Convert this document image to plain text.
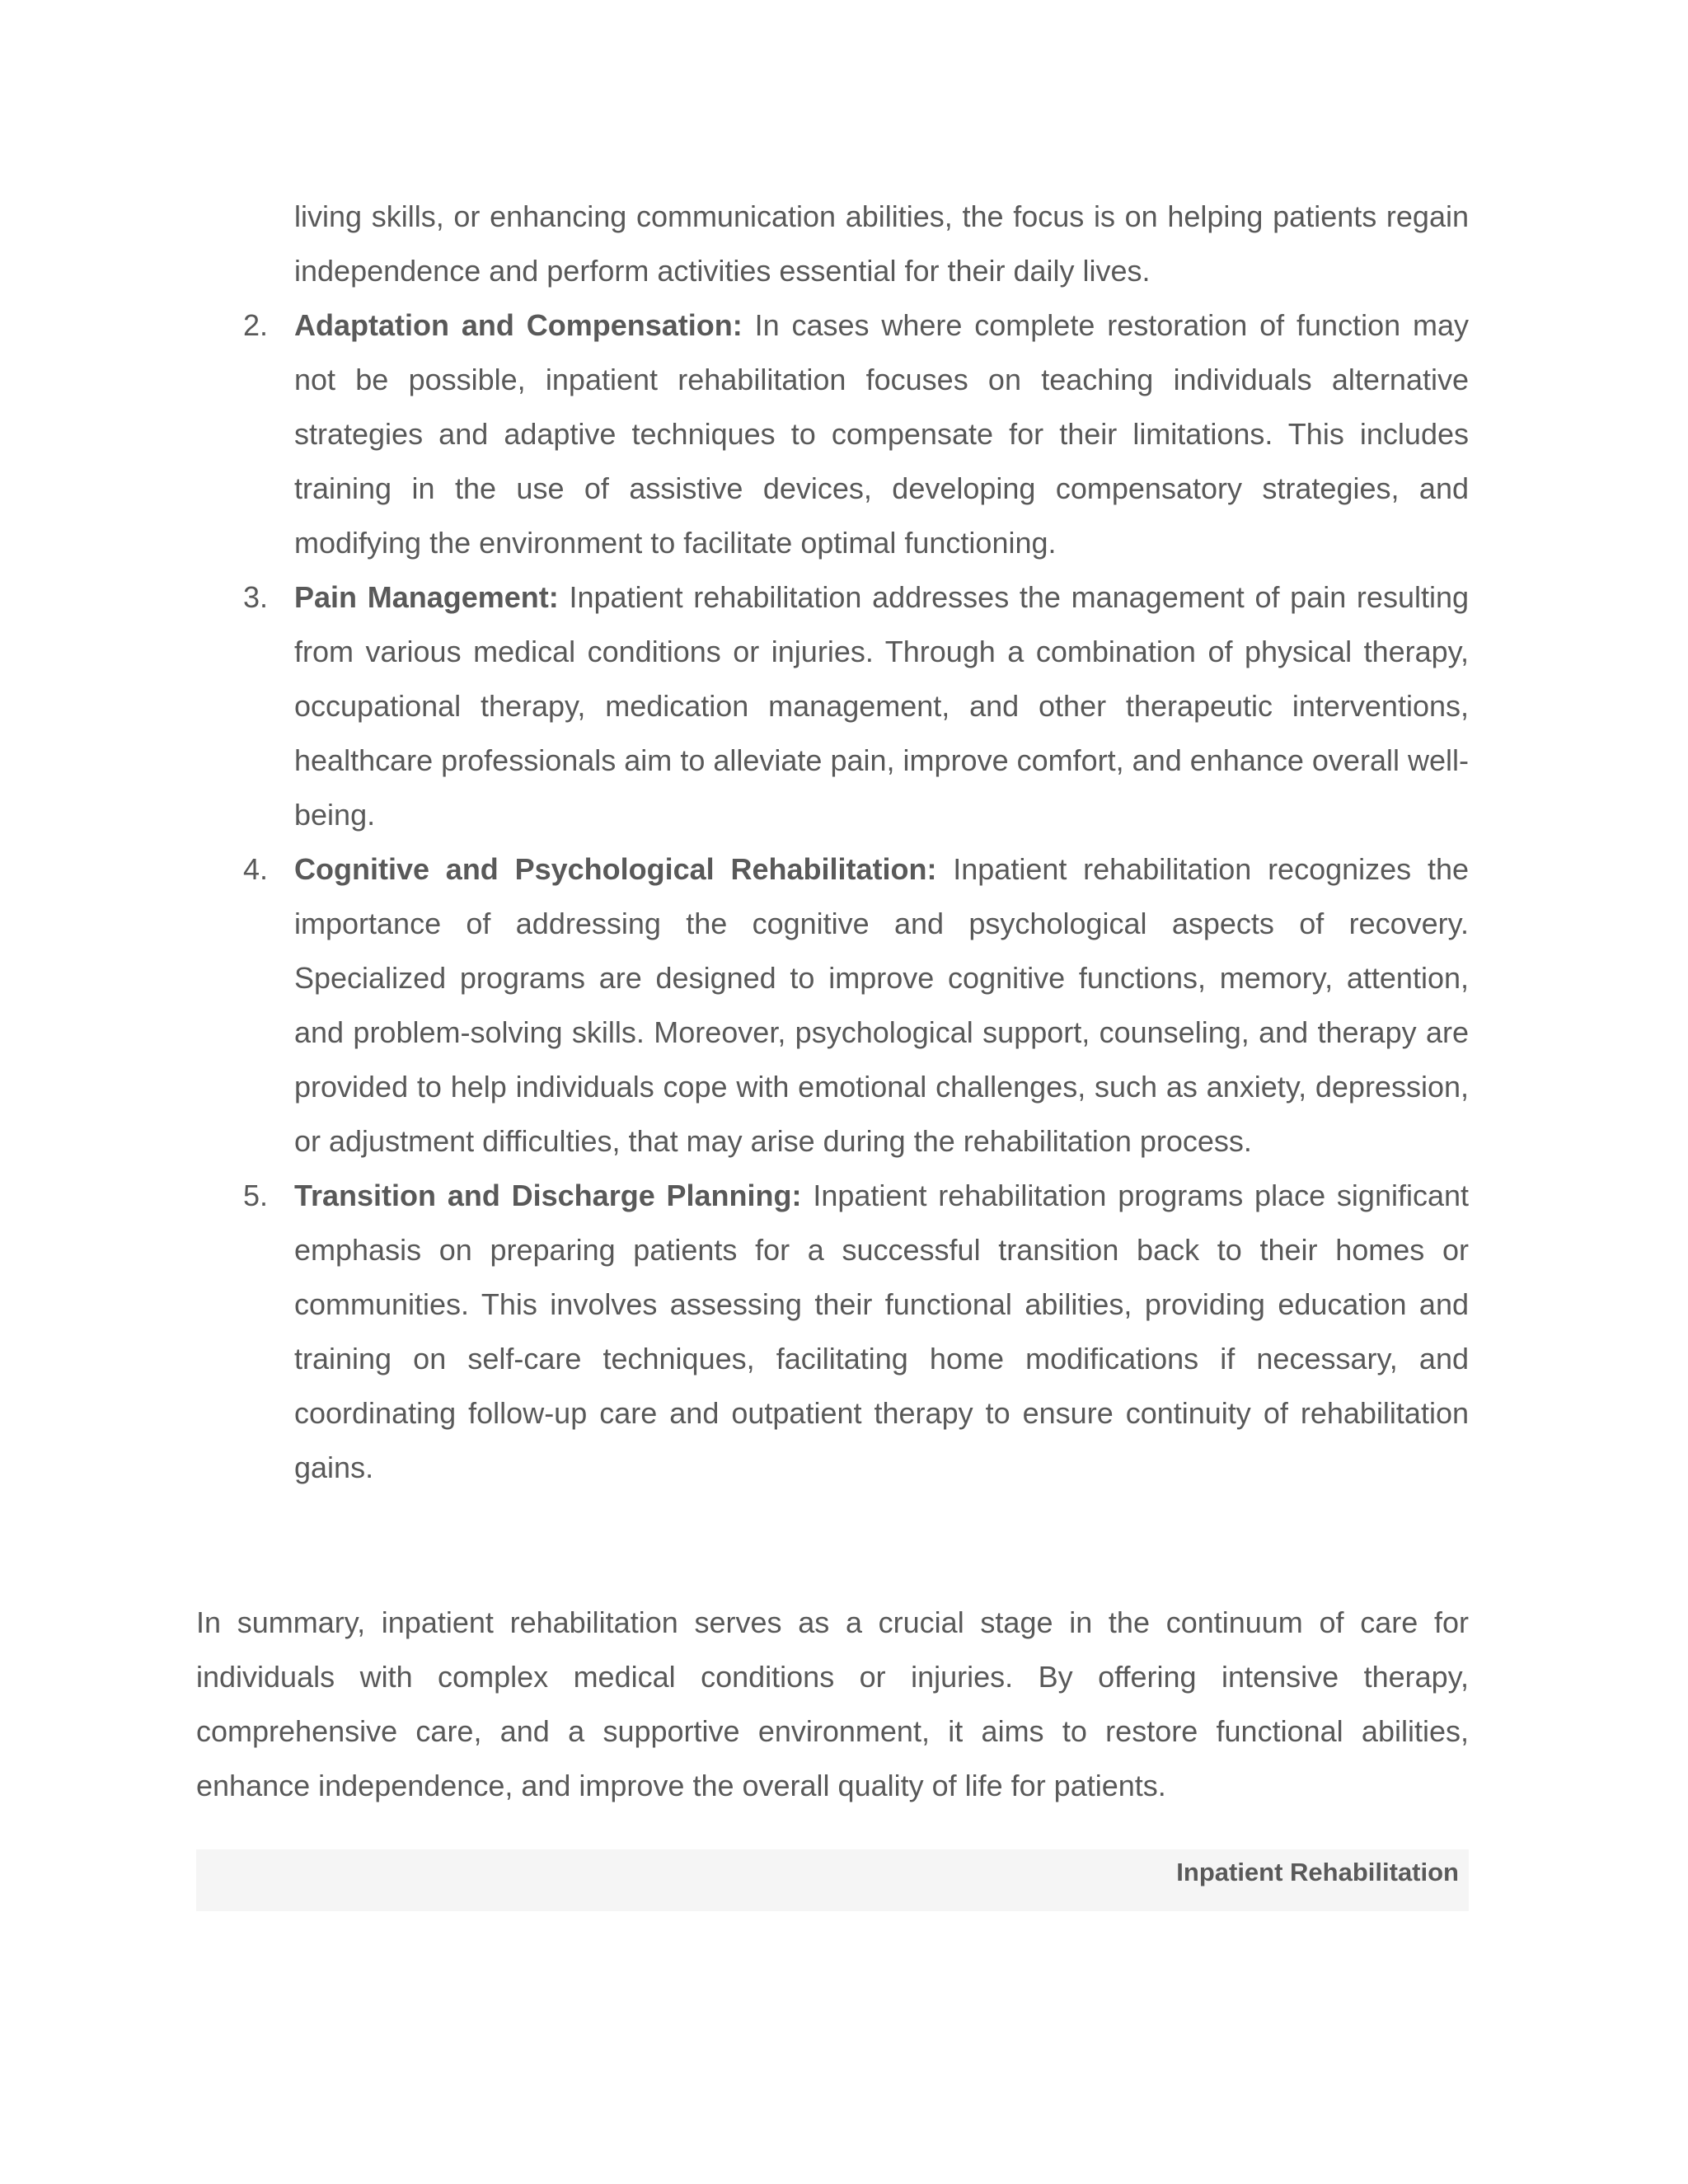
living skills, or enhancing communication abilities, the focus is on helping patients regain independence and perform activities essential for their daily lives.

2. Adaptation and Compensation: In cases where complete restoration of function may not be possible, inpatient rehabilitation focuses on teaching individuals alternative strategies and adaptive techniques to compensate for their limitations. This includes training in the use of assistive devices, developing compensatory strategies, and modifying the environment to facilitate optimal functioning.
3. Pain Management: Inpatient rehabilitation addresses the management of pain resulting from various medical conditions or injuries. Through a combination of physical therapy, occupational therapy, medication management, and other therapeutic interventions, healthcare professionals aim to alleviate pain, improve comfort, and enhance overall well-being.
4. Cognitive and Psychological Rehabilitation: Inpatient rehabilitation recognizes the importance of addressing the cognitive and psychological aspects of recovery. Specialized programs are designed to improve cognitive functions, memory, attention, and problem-solving skills. Moreover, psychological support, counseling, and therapy are provided to help individuals cope with emotional challenges, such as anxiety, depression, or adjustment difficulties, that may arise during the rehabilitation process.
5. Transition and Discharge Planning: Inpatient rehabilitation programs place significant emphasis on preparing patients for a successful transition back to their homes or communities. This involves assessing their functional abilities, providing education and training on self-care techniques, facilitating home modifications if necessary, and coordinating follow-up care and outpatient therapy to ensure continuity of rehabilitation gains.

In summary, inpatient rehabilitation serves as a crucial stage in the continuum of care for individuals with complex medical conditions or injuries. By offering intensive therapy, comprehensive care, and a supportive environment, it aims to restore functional abilities, enhance independence, and improve the overall quality of life for patients.

Inpatient Rehabilitation
